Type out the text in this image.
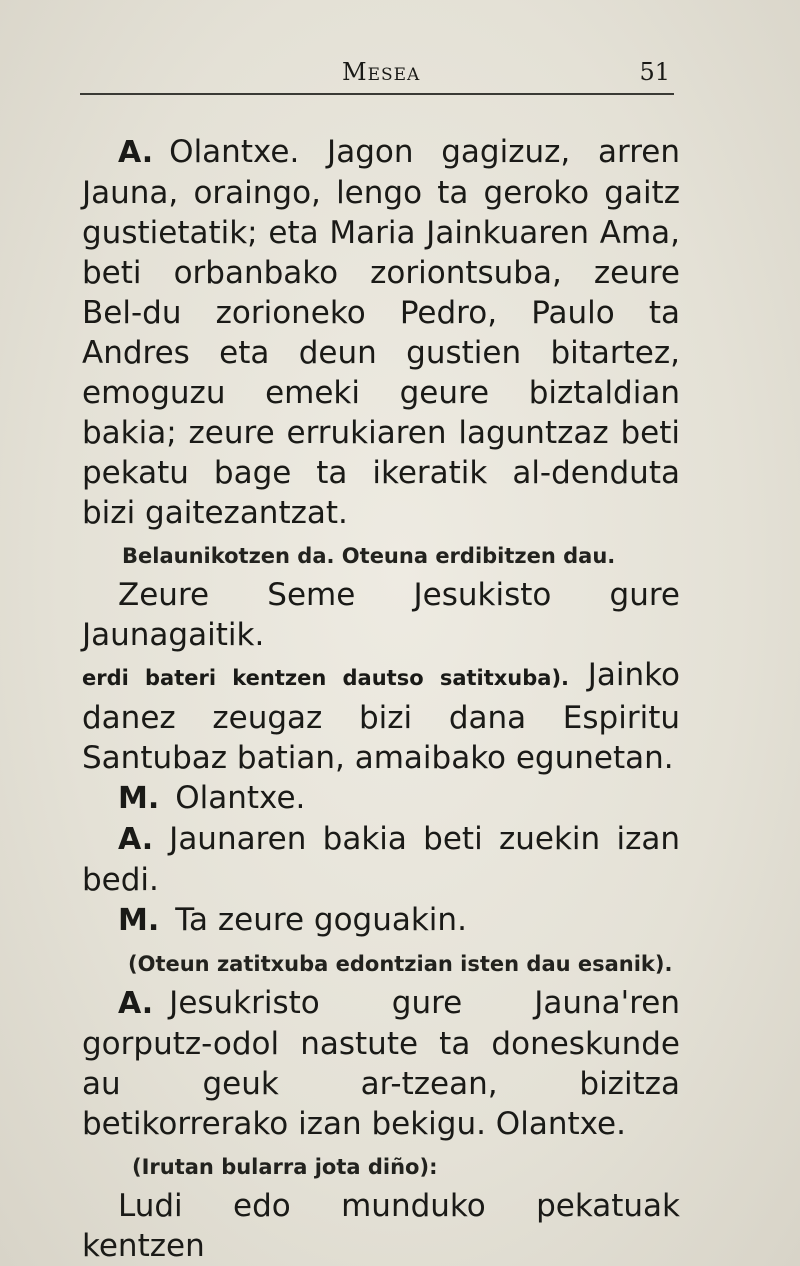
Mesea	51

A. Olantxe. Jagon gagizuz, arren Jauna, oraingo, lengo ta geroko gaitz gustietatik; eta Maria Jainkuaren Ama, beti orbanbako zoriontsuba, zeure Bel-du zorioneko Pedro, Paulo ta Andres eta deun gustien bitartez, emoguzu emeki geure biztaldian bakia; zeure errukiaren laguntzaz beti pekatu bage ta ikeratik al-denduta bizi gaitezantzat.

Belaunikotzen da. Oteuna erdibitzen dau.

Zeure Seme Jesukisto gure Jaunagaitik.

erdi bateri kentzen dautso satitxuba). Jainko danez zeugaz bizi dana Espiritu Santubaz batian, amaibako egunetan.

M. Olantxe.

A. Jaunaren bakia beti zuekin izan bedi.

M. Ta zeure goguakin.

(Oteun zatitxuba edontzian isten dau esanik).

A. Jesukristo gure Jauna'ren gorputz-odol nastute ta doneskunde au geuk ar-tzean, bizitza betikorrerako izan bekigu. Olantxe.

(Irutan bularra jota diño):

Ludi edo munduko pekatuak kentzen
